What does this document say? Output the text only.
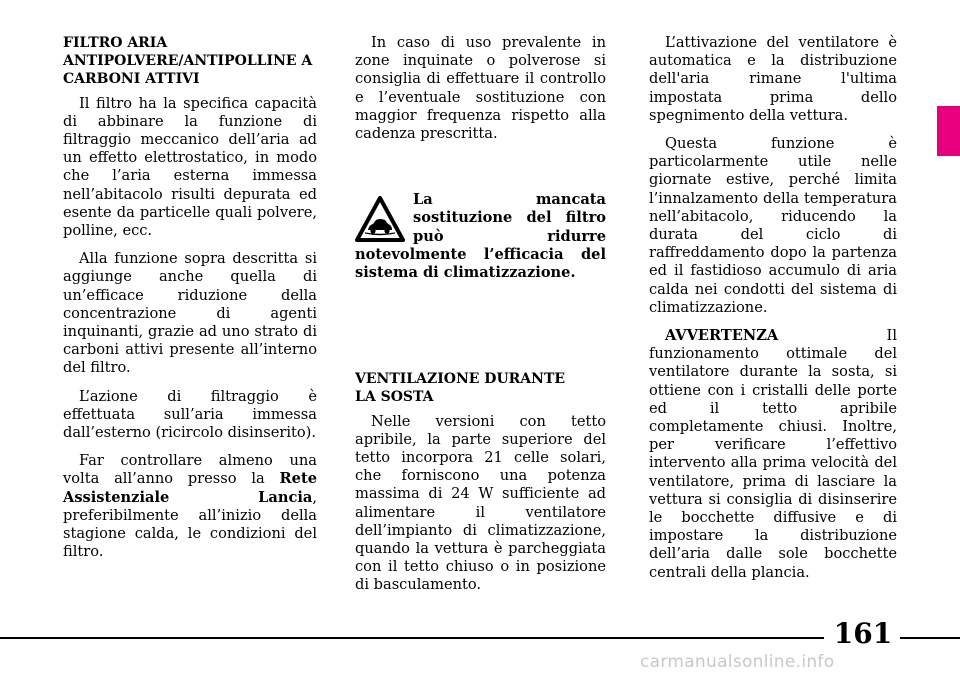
FILTRO ARIA ANTIPOLVERE/ANTIPOLLINE A CARBONI ATTIVI

Il filtro ha la specifica capacità di abbinare la funzione di filtraggio meccanico dell’aria ad un effetto elettrostatico, in modo che l’aria esterna immessa nell’abitacolo risulti depurata ed esente da particelle quali polvere, polline, ecc.

Alla funzione sopra descritta si aggiunge anche quella di un’efficace riduzione della concentrazione di agenti inquinanti, grazie ad uno strato di carboni attivi presente all’interno del filtro.

L’azione di filtraggio è effettuata sull’aria immessa dall’esterno (ricircolo disinserito).

Far controllare almeno una volta all’anno presso la Rete Assistenziale Lancia, preferibilmente all’inizio della stagione calda, le condizioni del filtro.

In caso di uso prevalente in zone inquinate o polverose si consiglia di effettuare il controllo e l’eventuale sostituzione con maggior frequenza rispetto alla cadenza prescritta.

La mancata sostituzione del filtro può ridurre notevolmente l’efficacia del sistema di climatizzazione.
VENTILAZIONE DURANTE
LA SOSTA

Nelle versioni con tetto apribile, la parte superiore del tetto incorpora 21 celle solari, che forniscono una potenza massima di 24 W sufficiente ad alimentare il ventilatore dell’impianto di climatizzazione, quando la vettura è parcheggiata con il tetto chiuso o in posizione di basculamento.

L’attivazione del ventilatore è automatica e la distribuzione dell'aria rimane l'ultima impostata prima dello spegnimento della vettura.

Questa funzione è particolarmente utile nelle giornate estive, perché limita l’innalzamento della temperatura nell’abitacolo, riducendo la durata del ciclo di raffreddamento dopo la partenza ed il fastidioso accumulo di aria calda nei condotti del sistema di climatizzazione.

AVVERTENZA Il funzionamento ottimale del ventilatore durante la sosta, si ottiene con i cristalli delle porte ed il tetto apribile completamente chiusi. Inoltre, per verificare l’effettivo intervento alla prima velocità del ventilatore, prima di lasciare la vettura si consiglia di disinserire le bocchette diffusive e di impostare la distribuzione dell’aria dalle sole bocchette centrali della plancia.

161
carmanualsonline.info
